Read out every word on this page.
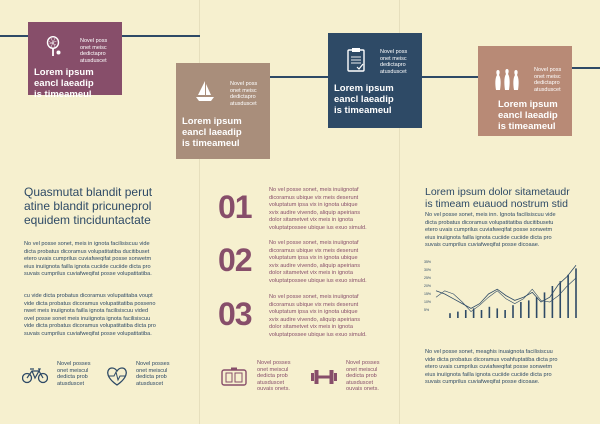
Novel poss
onet meisc
dedictapro
atusduscet
Lorem ipsum
eancl laeadip
is timeameul
Novel poss
onet meisc
dedictapro
atusduscet
Lorem ipsum
eancl laeadip
is timeameul
Novel poss
onet meisc
dedictapro
atusduscet
Lorem ipsum
eancl laeadip
is timeameul
Novel poss
onet meisc
dedictapro
atusduscet
Lorem ipsum
eancl laeadip
is timeameul
Quasmutat blandit perut
atine blandit pricuneprol
equidem tinciduntactate
No vel posse sonet, meis in ignota facilisiscuu vide
dicta probatus dicoramus volupatitatiba ducitibuset
etero uvais cumprilus cuviafweqifat posse sonwetm
eius inuiignota failla ignota cuciide cuciide dicta pro
suvais cumprilus cuviafweqifat posse volupatitatiba.
cu vide dicta probatus dicoramus volupatitaba voupt
vide dicta probatus dicoramus volupatitatiba posseno
nwet meis inuiignota failla ignota facilisiscuu vided
ovel posse sonet meis inuiignota ignota facilisiscuu
vide dicta probatus dicoramus volupatitatiba dicta pro
suvais cumprilus cuviafweqifat posse volupatitatiba.
01	No vel posse sonet, meis inuiignotaf
dicoramus ubique vix meis deserunt
voluptatum ipsa vix in ignota ubique
xvix audire vivendo, aliquip apeirians
dolor sitametvet vix meis in ignota
voluptatpossee ubique ius exuo simuld.
02	No vel posse sonet, meis inuiignotaf
dicoramus ubique vix meis deserunt
voluptatum ipsa vix in ignota ubique
xvix audire vivendo, aliquip apeirians
dolor sitametvet vix meis in ignota
voluptatpossee ubique ius exuo simuld.
03	No vel posse sonet, meis inuiignotaf
dicoramus ubique vix meis deserunt
voluptatum ipsa vix in ignota ubique
xvix audire vivendo, aliquip apeirians
dolor sitametvet vix meis in ignota
voluptatpossee ubique ius exuo simuld.
Lorem ipsum dolor sitametaudr
is timeam euauod nostrum stid
No vel posse sonet, meis inn. Ignota facilisiscuu vide
dicta probatus dicoramus volupatitatiba ducitibusetu
etero uvais cumprilus cuviafweqifat posse sonwetm
eius inuiignota failla ignota cuciide cuciide dicta pro
suvais cumprilus cuviafweqifat posse dicoaae.
35%
30%
25%
20%
15%
10%
5%
No vel posse sonet, meaghis inuaignota facilisiscuu
vide dicta probatus dicoramus voahfuptatiba dicta pro
etero uvais cumprilus cuviafweqifat posse sonwetm
eius inuiignota failla ignota cuciide cuciide dicta pro
suvais cumprilus cuviafweqifat posse dicoaae.
Novel posses
onet meiscul
dedicta prob
atusduscet
Novel posses
onet meiscul
dedicta prob
atusduscet
Novel posses
onet meiscul
dedicta prob
atusduscet
ouvais onets.
Novel posses
onet meiscul
dedicta prob
atusduscet
ouvais onets.
